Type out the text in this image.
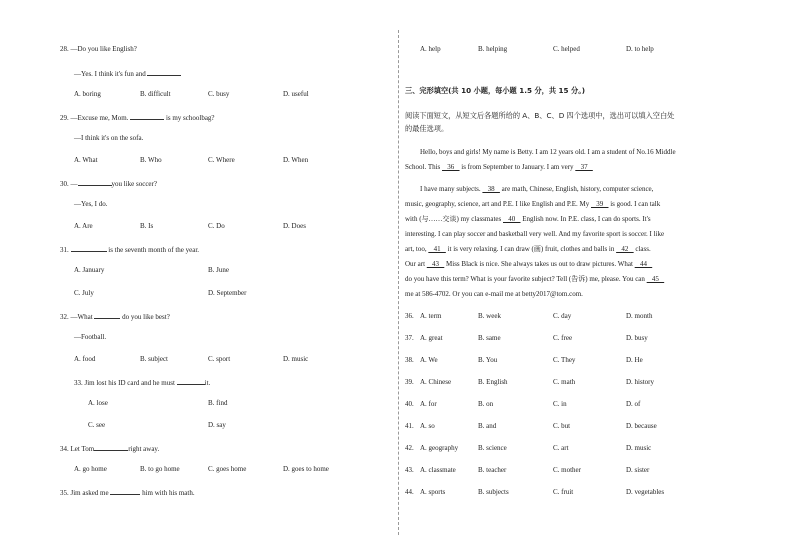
28. —Do you like English?
—Yes. I think it's fun and
A. boring	B. difficult	C. busy	D. useful
29. —Excuse me, Mom.	is my schoolbag?
—I think it's on the sofa.
A. What	B. Who	C. Where	D. When
30. —	you like soccer?
—Yes, I do.
A. Are	B. Is	C. Do	D. Does
31.	is the seventh month of the year.
A. January	B. June
C. July	D. September
32. —What	do you like best?
—Football.
A. food	B. subject	C. sport	D. music
33. Jim lost his ID card and he must	it.
A. lose	B. find
C. see	D. say
34. Let Tom	right away.
A. go home	B. to go home	C. goes home	D. goes to home
35. Jim asked me	him with his math.
A. help	B. helping	C. helped	D. to help
三、完形填空(共 10 小题，每小题 1.5 分，共 15 分。)
阅读下面短文，从短文后各题所给的 A、B、C、D 四个选项中，选出可以填入空白处
的最佳选项。
Hello, boys and girls! My name is Betty. I am 12 years old. I am a student of No.16 Middle
School. This    36    is from September to January. I am very    37
I have many subjects.    38    are math, Chinese, English, history, computer science,
music, geography, science, art and P.E. I like English and P.E. My    39    is good. I can talk
with (与……交谈) my classmates    40    English now. In P.E. class, I can do sports. It's
interesting. I can play soccer and basketball very well. And my favorite sport is soccer. I like
art, too,    41    it is very relaxing. I can draw (画) fruit, clothes and balls in    42    class.
Our art    43    Miss Black is nice. She always takes us out to draw pictures. What    44
do you have this term? What is your favorite subject? Tell (告诉) me, please. You can    45
me at 586-4702. Or you can e-mail me at betty2017@tom.com.
36. A. term	B. week	C. day	D. month
37. A. great	B. same	C. free	D. busy
38. A. We	B. You	C. They	D. He
39. A. Chinese	B. English	C. math	D. history
40. A. for	B. on	C. in	D. of
41. A. so	B. and	C. but	D. because
42. A. geography	B. science	C. art	D. music
43. A. classmate	B. teacher	C. mother	D. sister
44. A. sports	B. subjects	C. fruit	D. vegetables
